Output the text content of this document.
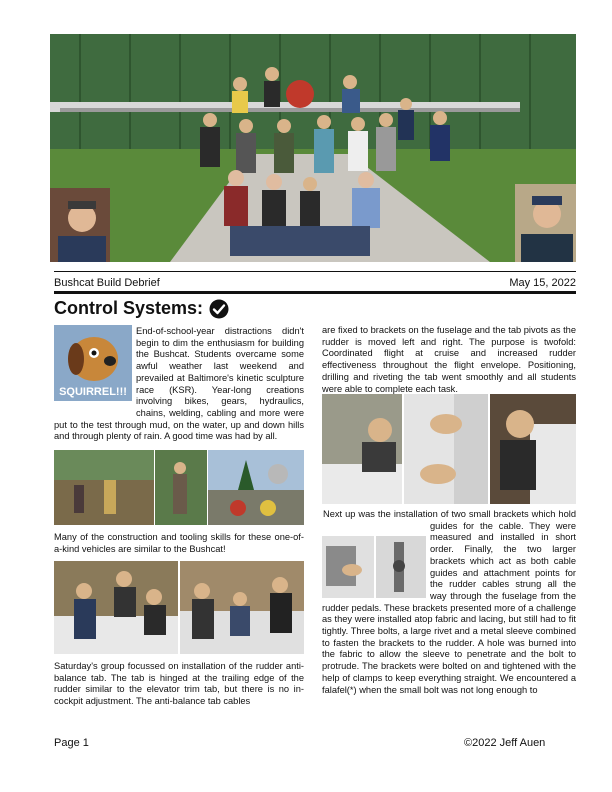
Bushcat Build Debrief	May 15, 2022
Control Systems:
SQUIRREL!!!

End-of-school-year distractions didn't begin to dim the enthusiasm for building the Bushcat. Students overcame some awful weather last weekend and prevailed at Baltimore's kinetic sculpture race (KSR). Year-long creations involving bikes, gears, hydraulics, chains, welding, cabling and more were put to the test through mud, on the water, up and down hills and through plenty of rain. A good time was had by all.

Many of the construction and tooling skills for these one-of-a-kind vehicles are similar to the Bushcat!

Saturday's group focussed on installation of the rudder anti-balance tab. The tab is hinged at the trailing edge of the rudder similar to the elevator trim tab, but there is no in-cockpit adjustment. The anti-balance tab cables

are fixed to brackets on the fuselage and the tab pivots as the rudder is moved left and right. The purpose is twofold: Coordinated flight at cruise and increased rudder effectiveness throughout the flight envelope. Positioning, drilling and riveting the tab went smoothly and all students were able to complete each task.

Next up was the installation of two small brackets which hold guides for the cable. They were measured and installed in short order. Finally, the two larger brackets which act as both cable guides and attachment points for the rudder cables strung all the way through the fuselage from the rudder pedals. These brackets presented more of a challenge as they were installed atop fabric and lacing, but still had to fit tightly. Three bolts, a large rivet and a metal sleeve combined to fasten the brackets to the rudder. A hole was burned into the fabric to allow the sleeve to penetrate and the bolt to protrude. The brackets were bolted on and tightened with the help of clamps to keep everything straight. We encountered a falafel(*) when the small bolt was not long enough to

Page 1	©2022 Jeff Auen
